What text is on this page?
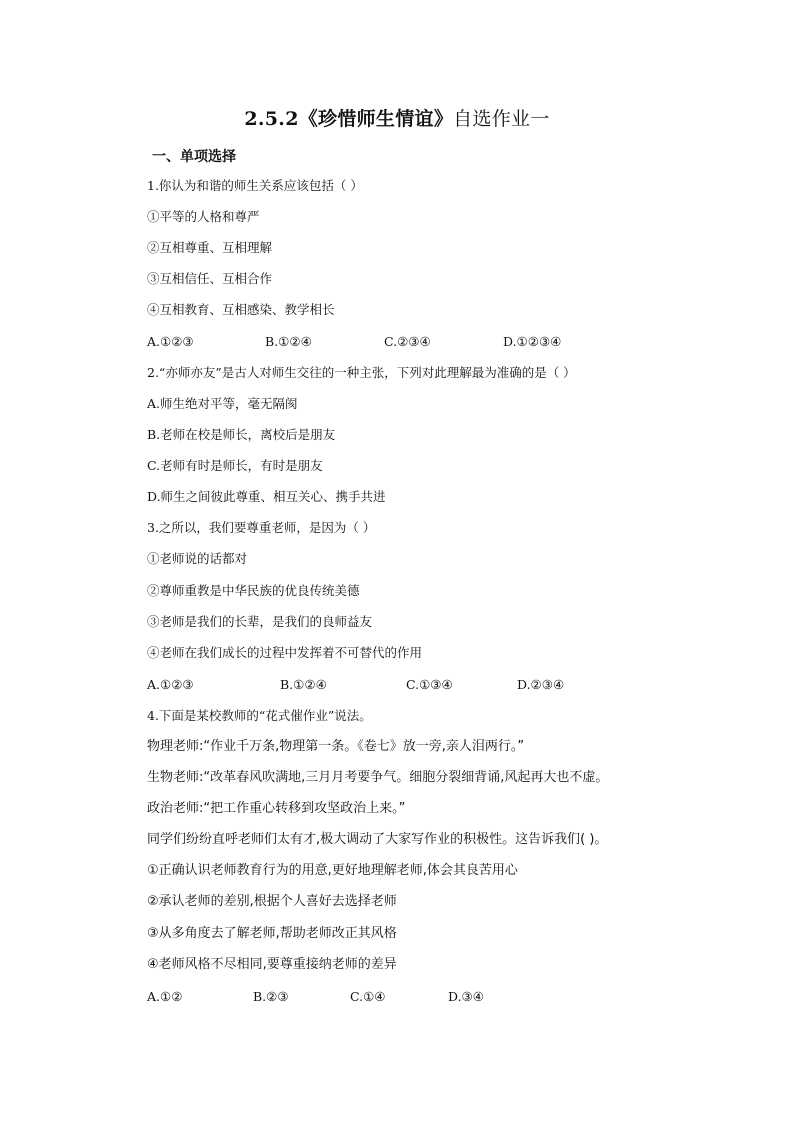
2.5.2《珍惜师生情谊》自选作业一
一、单项选择
1.你认为和谐的师生关系应该包括（ ）
①平等的人格和尊严
②互相尊重、互相理解
③互相信任、互相合作
④互相教育、互相感染、教学相长
A.①②③	B.①②④	C.②③④	D.①②③④
2.“亦师亦友”是古人对师生交往的一种主张，下列对此理解最为准确的是（ ）
A.师生绝对平等，毫无隔阂
B.老师在校是师长，离校后是朋友
C.老师有时是师长，有时是朋友
D.师生之间彼此尊重、相互关心、携手共进
3.之所以，我们要尊重老师，是因为（ ）
①老师说的话都对
②尊师重教是中华民族的优良传统美德
③老师是我们的长辈，是我们的良师益友
④老师在我们成长的过程中发挥着不可替代的作用
A.①②③	B.①②④	C.①③④	D.②③④
4.下面是某校教师的“花式催作业”说法。
物理老师:“作业千万条,物理第一条。《卷七》放一旁,亲人泪两行。”
生物老师:“改革春风吹满地,三月月考要争气。细胞分裂细背诵,风起再大也不虚。
政治老师:“把工作重心转移到攻坚政治上来。”
同学们纷纷直呼老师们太有才,极大调动了大家写作业的积极性。这告诉我们( )。
①正确认识老师教育行为的用意,更好地理解老师,体会其良苦用心
②承认老师的差别,根据个人喜好去选择老师
③从多角度去了解老师,帮助老师改正其风格
④老师风格不尽相同,要尊重接纳老师的差异
A.①②	B.②③	C.①④	D.③④
